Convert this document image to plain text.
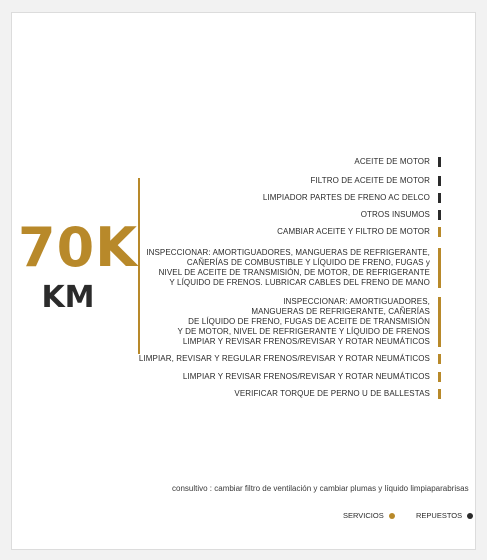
70K
KM
ACEITE DE MOTOR
FILTRO DE ACEITE DE MOTOR
LIMPIADOR PARTES DE FRENO AC DELCO
OTROS INSUMOS
CAMBIAR ACEITE Y FILTRO DE MOTOR
INSPECCIONAR: AMORTIGUADORES, MANGUERAS DE REFRIGERANTE,
CAÑERÍAS DE COMBUSTIBLE Y LÍQUIDO DE FRENO, FUGAS y
NIVEL DE ACEITE DE TRANSMISIÓN, DE MOTOR, DE REFRIGERANTE
Y LÍQUIDO DE FRENOS. LUBRICAR CABLES DEL FRENO DE MANO
INSPECCIONAR: AMORTIGUADORES,
MANGUERAS DE REFRIGERANTE, CAÑERÍAS
DE LÍQUIDO DE FRENO, FUGAS DE ACEITE DE TRANSMISIÓN
Y DE MOTOR, NIVEL DE REFRIGERANTE Y LÍQUIDO DE FRENOS
LIMPIAR Y REVISAR FRENOS/REVISAR Y ROTAR NEUMÁTICOS
LIMPIAR, REVISAR Y REGULAR FRENOS/REVISAR Y ROTAR NEUMÁTICOS
LIMPIAR Y REVISAR FRENOS/REVISAR Y ROTAR NEUMÁTICOS
VERIFICAR TORQUE DE PERNO U DE BALLESTAS
consultivo : cambiar filtro de ventilación y cambiar plumas y líquido limpiaparabrisas
SERVICIOS	REPUESTOS
